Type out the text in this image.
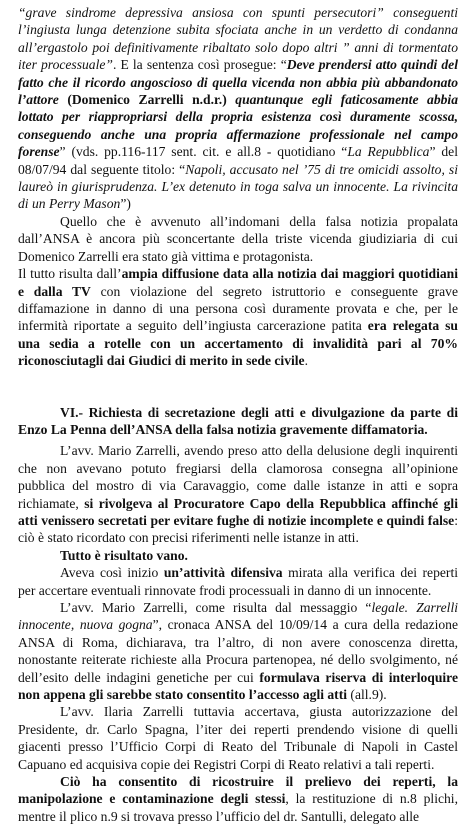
“grave sindrome depressiva ansiosa con spunti persecutori” conseguenti l’ingiusta lunga detenzione subita sfociata anche in un verdetto di condanna all’ergastolo poi definitivamente ribaltato solo dopo altri ” anni di tormentato iter processuale”. E la sentenza così prosegue: “Deve prendersi atto quindi del fatto che il ricordo angoscioso di quella vicenda non abbia più abbandonato l’attore (Domenico Zarrelli n.d.r.) quantunque egli faticosamente abbia lottato per riappropriarsi della propria esistenza così duramente scossa, conseguendo anche una propria affermazione professionale nel campo forense” (vds. pp.116-117 sent. cit. e all.8 - quotidiano “La Repubblica” del 08/07/94 dal seguente titolo: “Napoli, accusato nel ’75 di tre omicidi assolto, si laureò in giurisprudenza. L’ex detenuto in toga salva un innocente. La rivincita di un Perry Mason”)

Quello che è avvenuto all’indomani della falsa notizia propalata dall’ANSA è ancora più sconcertante della triste vicenda giudiziaria di cui Domenico Zarrelli era stato già vittima e protagonista.

Il tutto risulta dall’ampia diffusione data alla notizia dai maggiori quotidiani e dalla TV con violazione del segreto istruttorio e conseguente grave diffamazione in danno di una persona così duramente provata e che, per le infermità riportate a seguito dell’ingiusta carcerazione patita era relegata su una sedia a rotelle con un accertamento di invalidità pari al 70% riconosciutagli dai Giudici di merito in sede civile.

VI.- Richiesta di secretazione degli atti e divulgazione da parte di Enzo La Penna dell’ANSA della falsa notizia gravemente diffamatoria.

L’avv. Mario Zarrelli, avendo preso atto della delusione degli inquirenti che non avevano potuto fregiarsi della clamorosa consegna all’opinione pubblica del mostro di via Caravaggio, come dalle istanze in atti e sopra richiamate, si rivolgeva al Procuratore Capo della Repubblica affinché gli atti venissero secretati per evitare fughe di notizie incomplete e quindi false: ciò è stato ricordato con precisi riferimenti nelle istanze in atti.

Tutto è risultato vano.

Aveva così inizio un’attività difensiva mirata alla verifica dei reperti per accertare eventuali rinnovate frodi processuali in danno di un innocente.

L’avv. Mario Zarrelli, come risulta dal messaggio “legale. Zarrelli innocente, nuova gogna”, cronaca ANSA del 10/09/14 a cura della redazione ANSA di Roma, dichiarava, tra l’altro, di non avere conoscenza diretta, nonostante reiterate richieste alla Procura partenopea, né dello svolgimento, né dell’esito delle indagini genetiche per cui formulava riserva di interloquire non appena gli sarebbe stato consentito l’accesso agli atti (all.9).

L’avv. Ilaria Zarrelli tuttavia accertava, giusta autorizzazione del Presidente, dr. Carlo Spagna, l’iter dei reperti prendendo visione di quelli giacenti presso l’Ufficio Corpi di Reato del Tribunale di Napoli in Castel Capuano ed acquisiva copie dei Registri Corpi di Reato relativi a tali reperti.

Ciò ha consentito di ricostruire il prelievo dei reperti, la manipolazione e contaminazione degli stessi, la restituzione di n.8 plichi, mentre il plico n.9 si trovava presso l’ufficio del dr. Santulli, delegato alle
